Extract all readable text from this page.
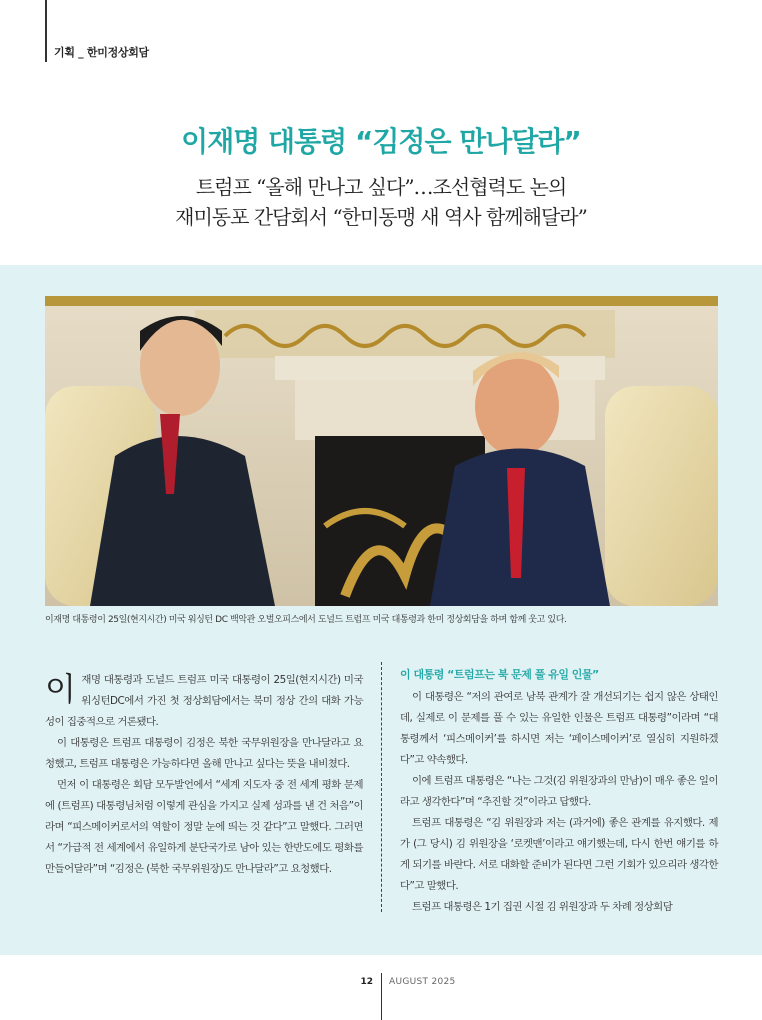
기획 _ 한미정상회담
이재명 대통령 “김정은 만나달라”
트럼프 “올해 만나고 싶다”…조선협력도 논의
재미동포 간담회서 “한미동맹 새 역사 함께해달라”
이재명 대통령이 25일(현지시간) 미국 워싱턴 DC 백악관 오벌오피스에서 도널드 트럼프 미국 대통령과 한미 정상회담을 하며 함께 웃고 있다.

이재명 대통령과 도널드 트럼프 미국 대통령이 25일(현지시간) 미국 워싱턴DC에서 가진 첫 정상회담에서는 북미 정상 간의 대화 가능성이 집중적으로 거론됐다.

이 대통령은 트럼프 대통령이 김정은 북한 국무위원장을 만나달라고 요청했고, 트럼프 대통령은 가능하다면 올해 만나고 싶다는 뜻을 내비쳤다.

먼저 이 대통령은 회담 모두발언에서 “세계 지도자 중 전 세계 평화 문제에 (트럼프) 대통령님처럼 이렇게 관심을 가지고 실제 성과를 낸 건 처음”이라며 “피스메이커로서의 역할이 정말 눈에 띄는 것 같다”고 말했다. 그러면서 “가급적 전 세계에서 유일하게 분단국가로 남아 있는 한반도에도 평화를 만들어달라”며 “김정은 (북한 국무위원장)도 만나달라”고 요청했다.

이 대통령 “트럼프는 북 문제 풀 유일 인물”

이 대통령은 “저의 관여로 남북 관계가 잘 개선되기는 쉽지 않은 상태인데, 실제로 이 문제를 풀 수 있는 유일한 인물은 트럼프 대통령”이라며 “대통령께서 ‘피스메이커’를 하시면 저는 ‘페이스메이커’로 열심히 지원하겠다”고 약속했다.

이에 트럼프 대통령은 “나는 그것(김 위원장과의 만남)이 매우 좋은 일이라고 생각한다”며 “추진할 것”이라고 답했다.

트럼프 대통령은 “김 위원장과 저는 (과거에) 좋은 관계를 유지했다. 제가 (그 당시) 김 위원장을 ‘로켓맨’이라고 얘기했는데, 다시 한번 얘기를 하게 되기를 바란다. 서로 대화할 준비가 된다면 그런 기회가 있으리라 생각한다”고 말했다.

트럼프 대통령은 1기 집권 시절 김 위원장과 두 차례 정상회담

12 AUGUST 2025
